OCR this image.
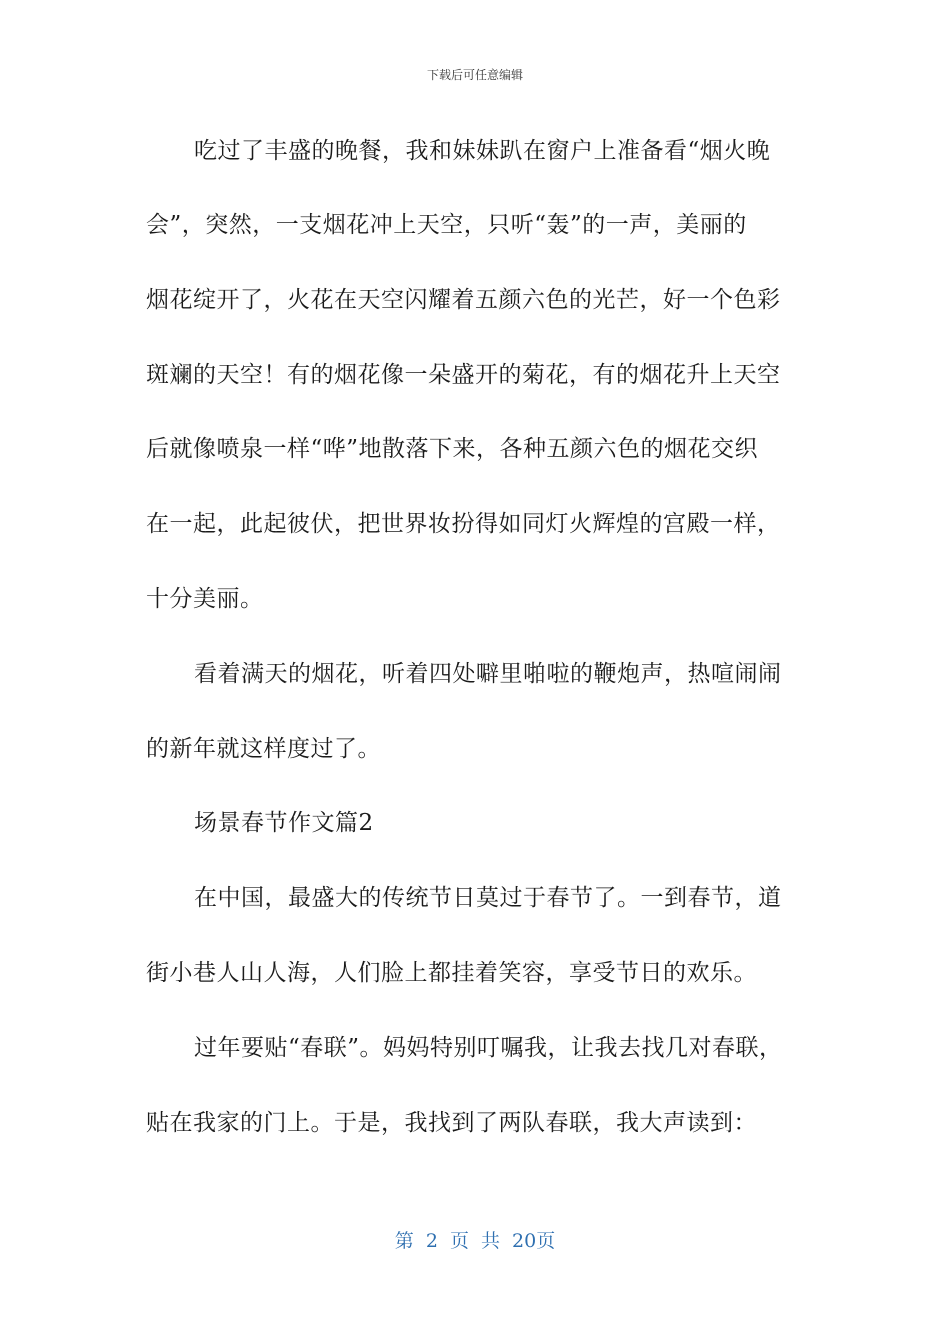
下载后可任意编辑
吃过了丰盛的晚餐，我和妹妹趴在窗户上准备看“烟火晚
会”，突然，一支烟花冲上天空，只听“轰”的一声，美丽的
烟花绽开了，火花在天空闪耀着五颜六色的光芒，好一个色彩
斑斓的天空！有的烟花像一朵盛开的菊花，有的烟花升上天空
后就像喷泉一样“哗”地散落下来，各种五颜六色的烟花交织
在一起，此起彼伏，把世界妆扮得如同灯火辉煌的宫殿一样，
十分美丽。
看着满天的烟花，听着四处噼里啪啦的鞭炮声，热喧闹闹
的新年就这样度过了。
场景春节作文篇2
在中国，最盛大的传统节日莫过于春节了。一到春节，道
街小巷人山人海，人们脸上都挂着笑容，享受节日的欢乐。
过年要贴“春联”。妈妈特别叮嘱我，让我去找几对春联，
贴在我家的门上。于是，我找到了两队春联，我大声读到：
第 2 页 共 20页
